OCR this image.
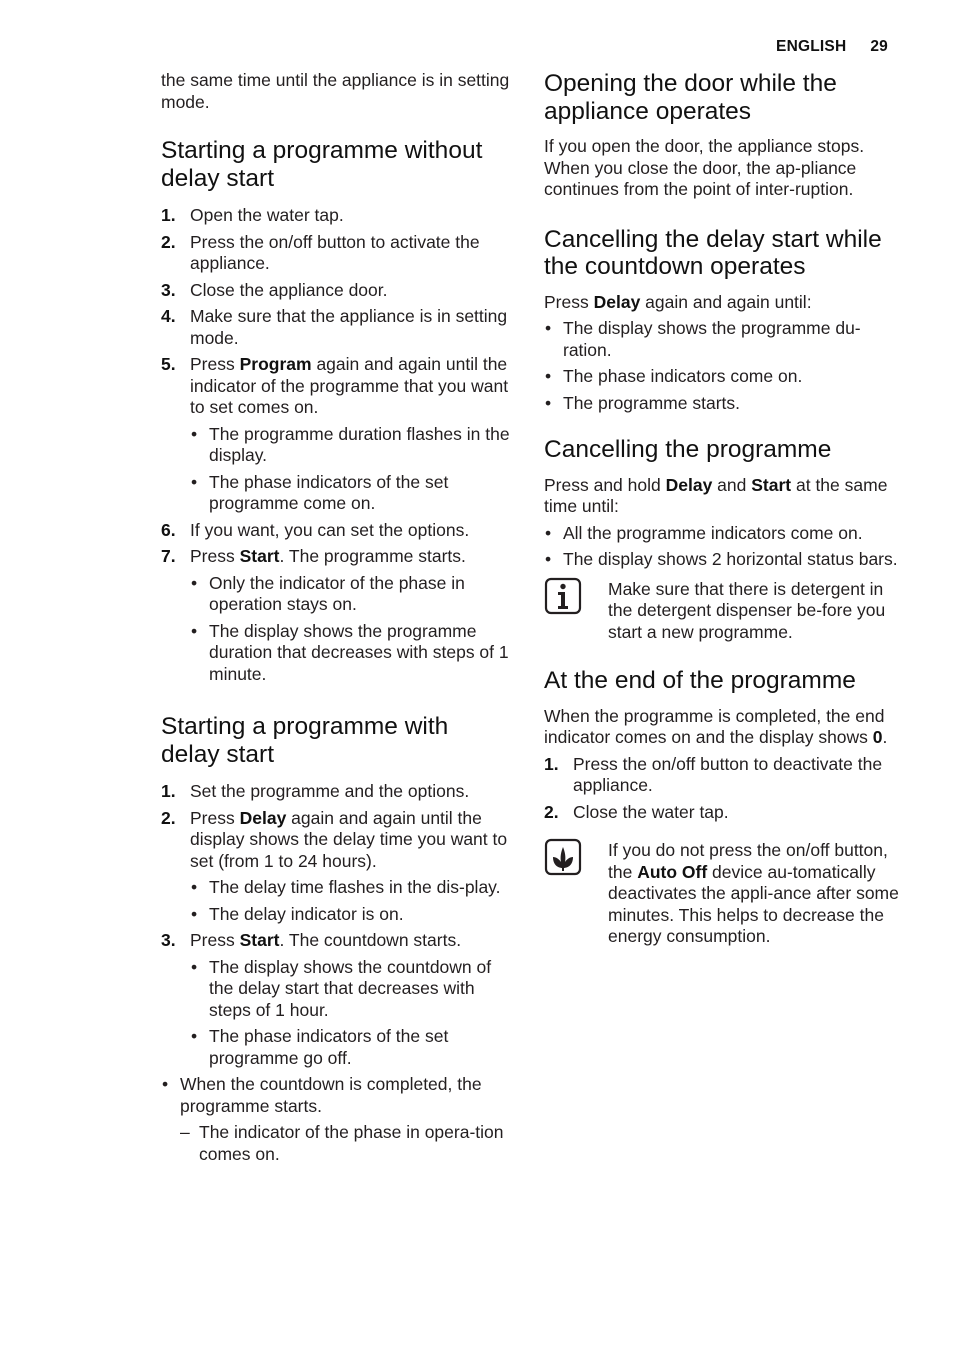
ENGLISH 29

the same time until the appliance is in setting mode.

Starting a programme without delay start
1. Open the water tap.
2. Press the on/off button to activate the appliance.
3. Close the appliance door.
4. Make sure that the appliance is in setting mode.
5. Press Program again and again until the indicator of the programme that you want to set comes on.
• The programme duration flashes in the display.
• The phase indicators of the set programme come on.
6. If you want, you can set the options.
7. Press Start. The programme starts.
• Only the indicator of the phase in operation stays on.
• The display shows the programme duration that decreases with steps of 1 minute.
Starting a programme with delay start
1. Set the programme and the options.
2. Press Delay again and again until the display shows the delay time you want to set (from 1 to 24 hours).
• The delay time flashes in the dis-play.
• The delay indicator is on.
3. Press Start. The countdown starts.
• The display shows the countdown of the delay start that decreases with steps of 1 hour.
• The phase indicators of the set programme go off.
• When the countdown is completed, the programme starts.
– The indicator of the phase in opera-tion comes on.
Opening the door while the appliance operates

If you open the door, the appliance stops. When you close the door, the ap-pliance continues from the point of inter-ruption.

Cancelling the delay start while the countdown operates

Press Delay again and again until:

• The display shows the programme du-ration.
• The phase indicators come on.
• The programme starts.
Cancelling the programme

Press and hold Delay and Start at the same time until:

• All the programme indicators come on.
• The display shows 2 horizontal status bars.

Make sure that there is detergent in the detergent dispenser be-fore you start a new programme.

At the end of the programme

When the programme is completed, the end indicator comes on and the display shows 0.

1. Press the on/off button to deactivate the appliance.
2. Close the water tap.

If you do not press the on/off button, the Auto Off device au-tomatically deactivates the appli-ance after some minutes. This helps to decrease the energy consumption.
